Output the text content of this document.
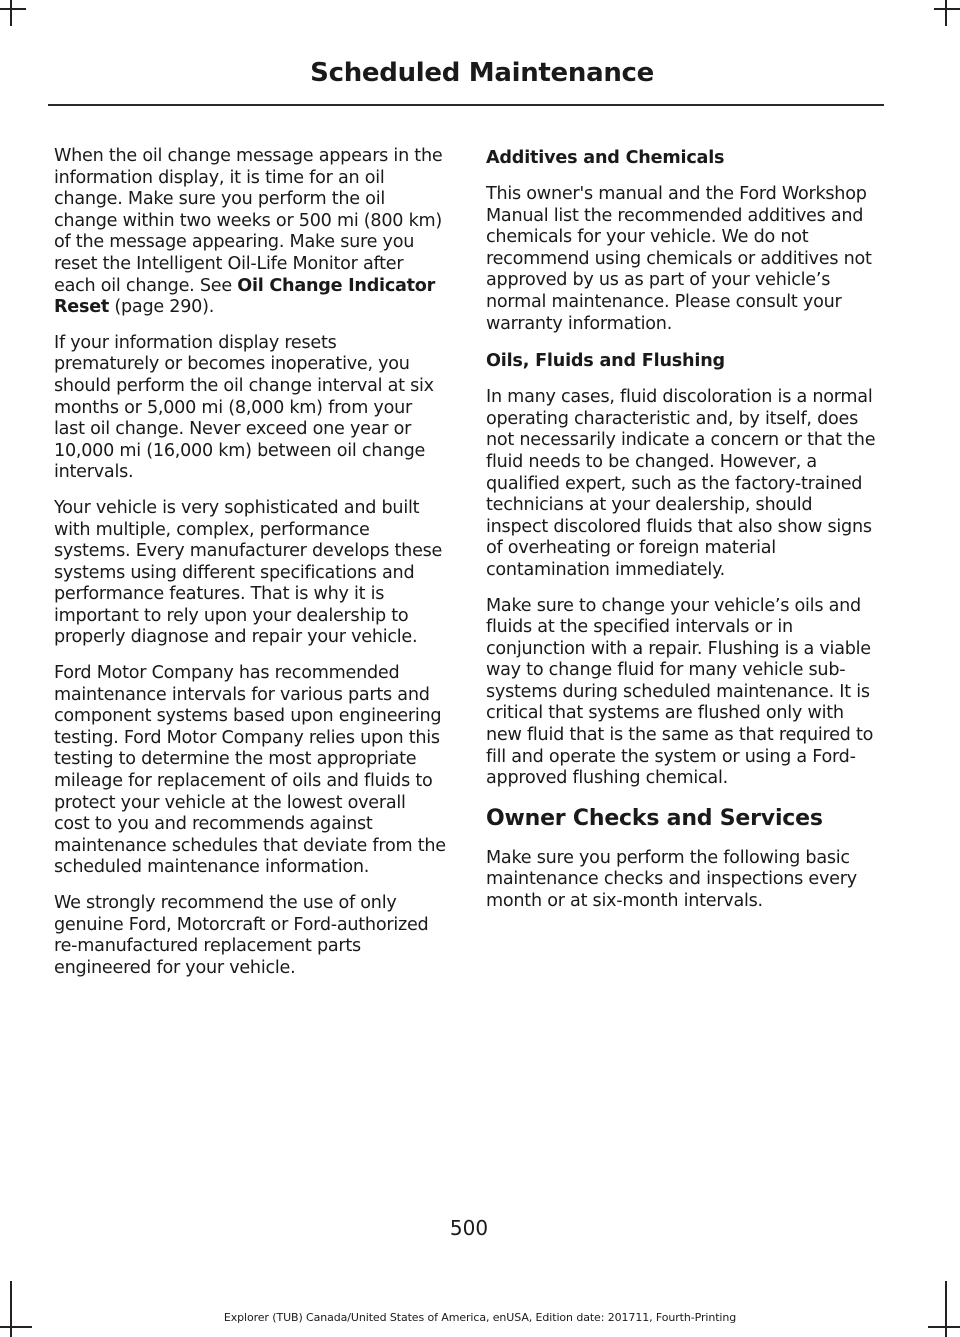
Scheduled Maintenance

When the oil change message appears in the information display, it is time for an oil change. Make sure you perform the oil change within two weeks or 500 mi (800 km) of the message appearing. Make sure you reset the Intelligent Oil-Life Monitor after each oil change. See Oil Change Indicator Reset (page 290).

If your information display resets prematurely or becomes inoperative, you should perform the oil change interval at six months or 5,000 mi (8,000 km) from your last oil change. Never exceed one year or 10,000 mi (16,000 km) between oil change intervals.

Your vehicle is very sophisticated and built with multiple, complex, performance systems. Every manufacturer develops these systems using different specifications and performance features. That is why it is important to rely upon your dealership to properly diagnose and repair your vehicle.

Ford Motor Company has recommended maintenance intervals for various parts and component systems based upon engineering testing. Ford Motor Company relies upon this testing to determine the most appropriate mileage for replacement of oils and fluids to protect your vehicle at the lowest overall cost to you and recommends against maintenance schedules that deviate from the scheduled maintenance information.

We strongly recommend the use of only genuine Ford, Motorcraft or Ford-authorized re-manufactured replacement parts engineered for your vehicle.

Additives and Chemicals

This owner's manual and the Ford Workshop Manual list the recommended additives and chemicals for your vehicle. We do not recommend using chemicals or additives not approved by us as part of your vehicle’s normal maintenance. Please consult your warranty information.

Oils, Fluids and Flushing

In many cases, fluid discoloration is a normal operating characteristic and, by itself, does not necessarily indicate a concern or that the fluid needs to be changed. However, a qualified expert, such as the factory-trained technicians at your dealership, should inspect discolored fluids that also show signs of overheating or foreign material contamination immediately.

Make sure to change your vehicle’s oils and fluids at the specified intervals or in conjunction with a repair. Flushing is a viable way to change fluid for many vehicle sub-systems during scheduled maintenance. It is critical that systems are flushed only with new fluid that is the same as that required to fill and operate the system or using a Ford-approved flushing chemical.

Owner Checks and Services

Make sure you perform the following basic maintenance checks and inspections every month or at six-month intervals.

500
Explorer (TUB) Canada/United States of America, enUSA, Edition date: 201711, Fourth-Printing
